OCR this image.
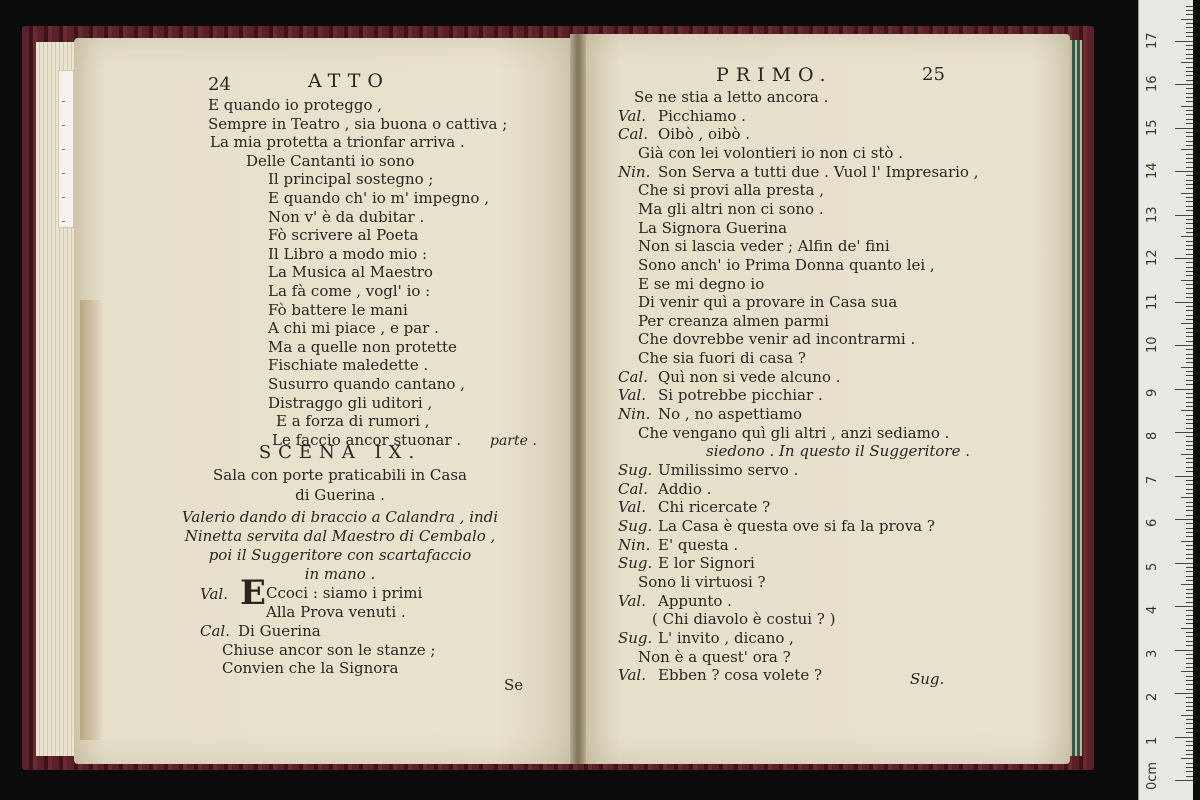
0cm
1
2
3
4
5
6
7
8
9
10
11
12
13
14
15
16
17
24	ATTO
E quando io proteggo ,
Sempre in Teatro , sia buona o cattiva ;
La mia protetta a trionfar arriva .
Delle Cantanti io sono
Il principal sostegno ;
E quando ch' io m' impegno ,
Non v' è da dubitar .
Fò scrivere al Poeta
Il Libro a modo mio :
La Musica al Maestro
La fà come , vogl' io :
Fò battere le mani
A chi mi piace , e par .
Ma a quelle non protette
Fischiate maledette .
Susurro quando cantano ,
Distraggo gli uditori ,
E a forza di rumori ,
Le faccio ancor stuonar . parte .
SCENA IX.
Sala con porte praticabili in Casa
di Guerina .
Valerio dando di braccio a Calandra , indi
Ninetta servita dal Maestro di Cembalo ,
poi il Suggeritore con scartafaccio
in mano .
Val. E Ccoci : siamo i primi
Alla Prova venuti .
Cal. Di Guerina
Chiuse ancor son le stanze ;
Convien che la Signora
Se
PRIMO.	25
Se ne stia a letto ancora .
Val. Picchiamo .
Cal. Oibò , oibò .
Già con lei volontieri io non ci stò .
Nin. Son Serva a tutti due . Vuol l' Impresario ,
Che si provi alla presta ,
Ma gli altri non ci sono .
La Signora Guerina
Non si lascia veder ; Alfin de' fini
Sono anch' io Prima Donna quanto lei ,
E se mi degno io
Di venir quì a provare in Casa sua
Per creanza almen parmi
Che dovrebbe venir ad incontrarmi .
Che sia fuori di casa ?
Cal. Quì non si vede alcuno .
Val. Si potrebbe picchiar .
Nin. No , no aspettiamo
Che vengano quì gli altri , anzi sediamo .
siedono . In questo il Suggeritore .
Sug. Umilissimo servo .
Cal. Addio .
Val. Chi ricercate ?
Sug. La Casa è questa ove si fa la prova ?
Nin. E' questa .
Sug. E lor Signori
Sono li virtuosi ?
Val. Appunto .
( Chi diavolo è costui ? )
Sug. L' invito , dicano ,
Non è a quest' ora ?
Val. Ebben ? cosa volete ?	Sug.
